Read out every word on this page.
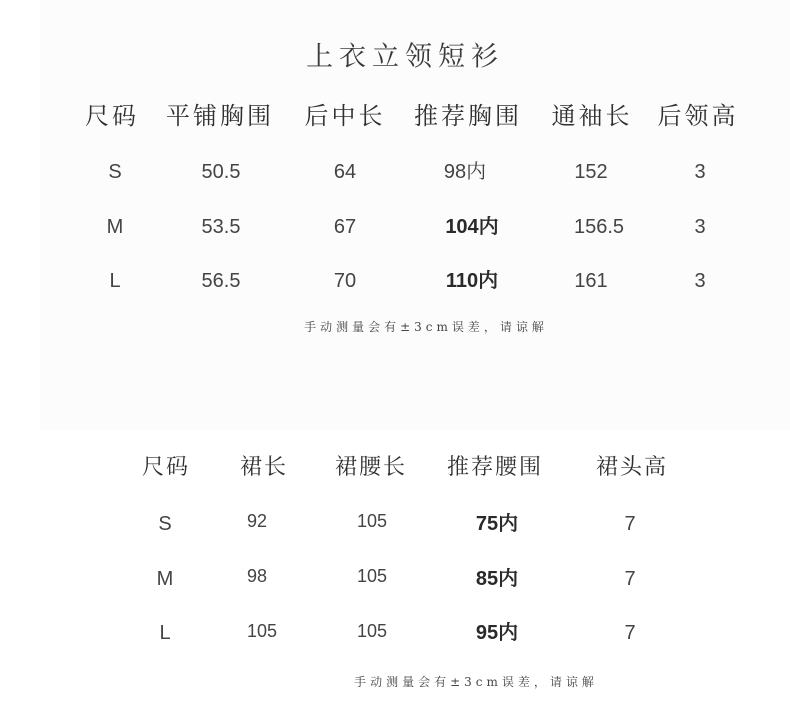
上衣立领短衫
尺码 平铺胸围 后中长 推荐胸围 通袖长 后领高
S	50.5	64	98内	152	3
M	53.5	67	104内	156.5	3
L	56.5	70	110内	161	3
手动测量会有±3cm误差，请谅解
尺码 裙长 裙腰长 推荐腰围 裙头高
S	92	105	75内	7
M	98	105	85内	7
L	105	105	95内	7
手动测量会有±3cm误差，请谅解
